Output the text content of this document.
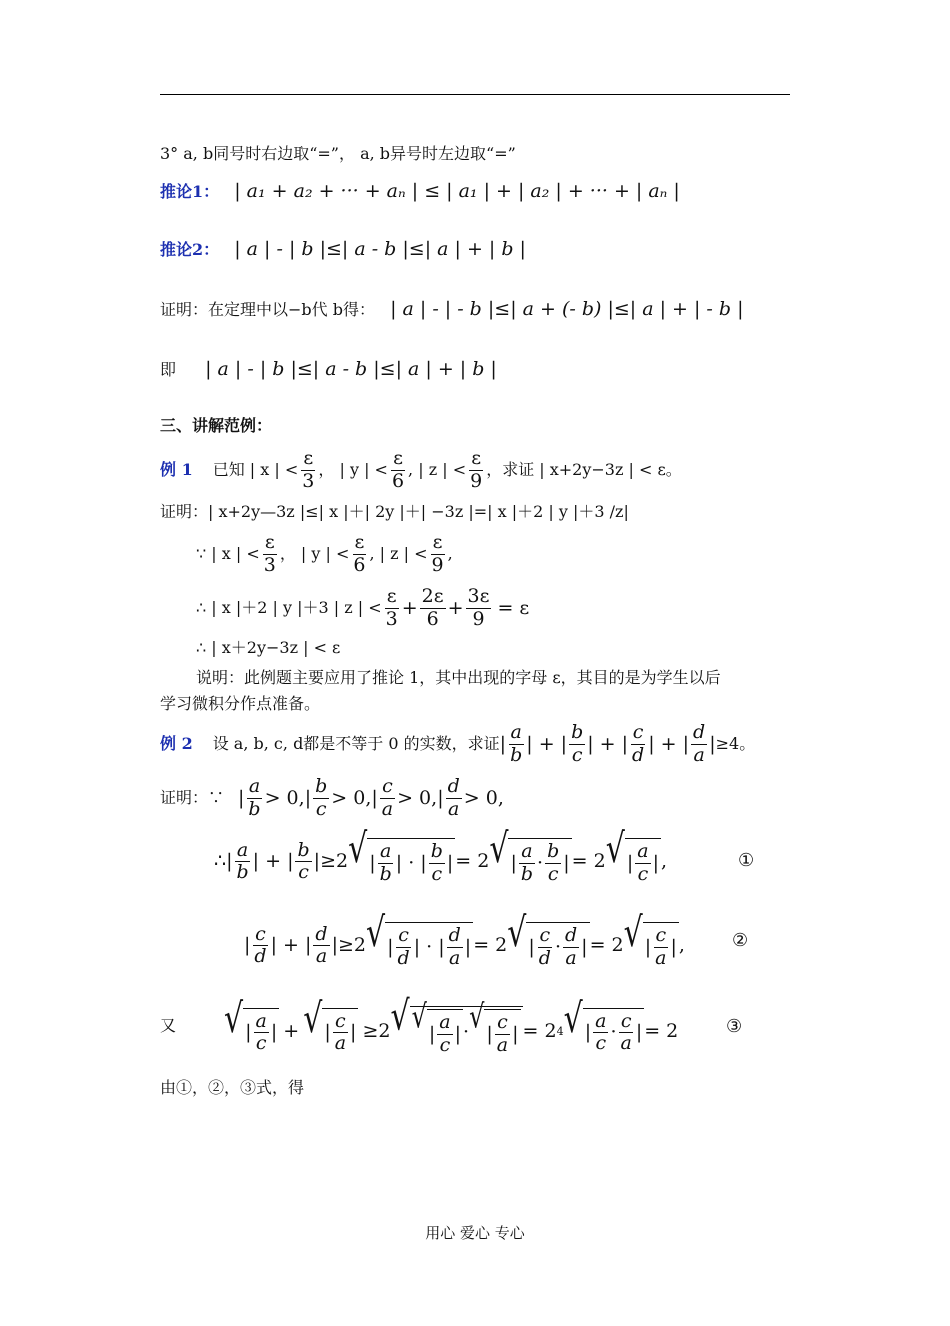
3° a, b同号时右边取“=”， a, b异号时左边取“=”
推论1： | a₁ + a₂ + ··· + aₙ | ≤ | a₁ | + | a₂ | + ··· + | aₙ |
推论2： | a | - | b |≤| a - b |≤| a | + | b |
证明：在定理中以−b代 b得： | a | - | - b |≤| a + (- b) |≤| a | + | - b |
即 | a | - | b |≤| a - b |≤| a | + | b |
三、讲解范例：
例 1 已知 | x | < $\frac{\varepsilon}{3}$ ， | y | < $\frac{\varepsilon}{6}$ , | z | < $\frac{\varepsilon}{9}$ ，求证 | x+2y−3z | < ε。
证明：| x+2y—3z |≤| x |＋| 2y |＋| −3z |=| x |＋2 | y |＋3 /z|
∵ | x | < $\frac{\varepsilon}{3}$ ， | y | < $\frac{\varepsilon}{6}$ , | z | < $\frac{\varepsilon}{9}$ ,
∴ | x |＋2 | y |＋3 | z | < $\frac{\varepsilon}{3} + \frac{2\varepsilon}{6} + \frac{3\varepsilon}{9} = \varepsilon$
∴ | x＋2y−3z | < ε
说明：此例题主要应用了推论 1，其中出现的字母 ε，其目的是为学生以后
学习微积分作点准备。
例 2 设 a, b, c, d都是不等于 0 的实数，求证 | $\frac{a}{b}$ | + | $\frac{b}{c}$ | + | $\frac{c}{d}$ | + | $\frac{d}{a}$ | ≥4。
证明：∵ | $\frac{a}{b} > 0$, | $\frac{b}{c} > 0$, | $\frac{c}{a} > 0$, | $\frac{d}{a} > 0$,
∴ | $\frac{a}{b}$ | + | $\frac{b}{c}$ | ≥2 √ | $\frac{a}{b}$ | · | $\frac{b}{c}$ | = 2 √ | $\frac{a}{b} \cdot \frac{b}{c}$ | = 2 √ | $\frac{a}{c}$ | ,	①
| $\frac{c}{d}$ | + | $\frac{d}{a}$ | ≥2 √ | $\frac{c}{d}$ | · | $\frac{d}{a}$ | = 2 √ | $\frac{c}{d} \cdot \frac{d}{a}$ | = 2 √ | $\frac{c}{a}$ | ,	②
又 √ | $\frac{a}{c}$ | + √ | $\frac{c}{a}$ | ≥2 √ √ | $\frac{a}{c}$ | · √ | $\frac{c}{a}$ | = 2 4 √ | $\frac{a}{c} \cdot \frac{c}{a}$ | = 2	③
由①，②，③式，得
用心 爱心 专心
